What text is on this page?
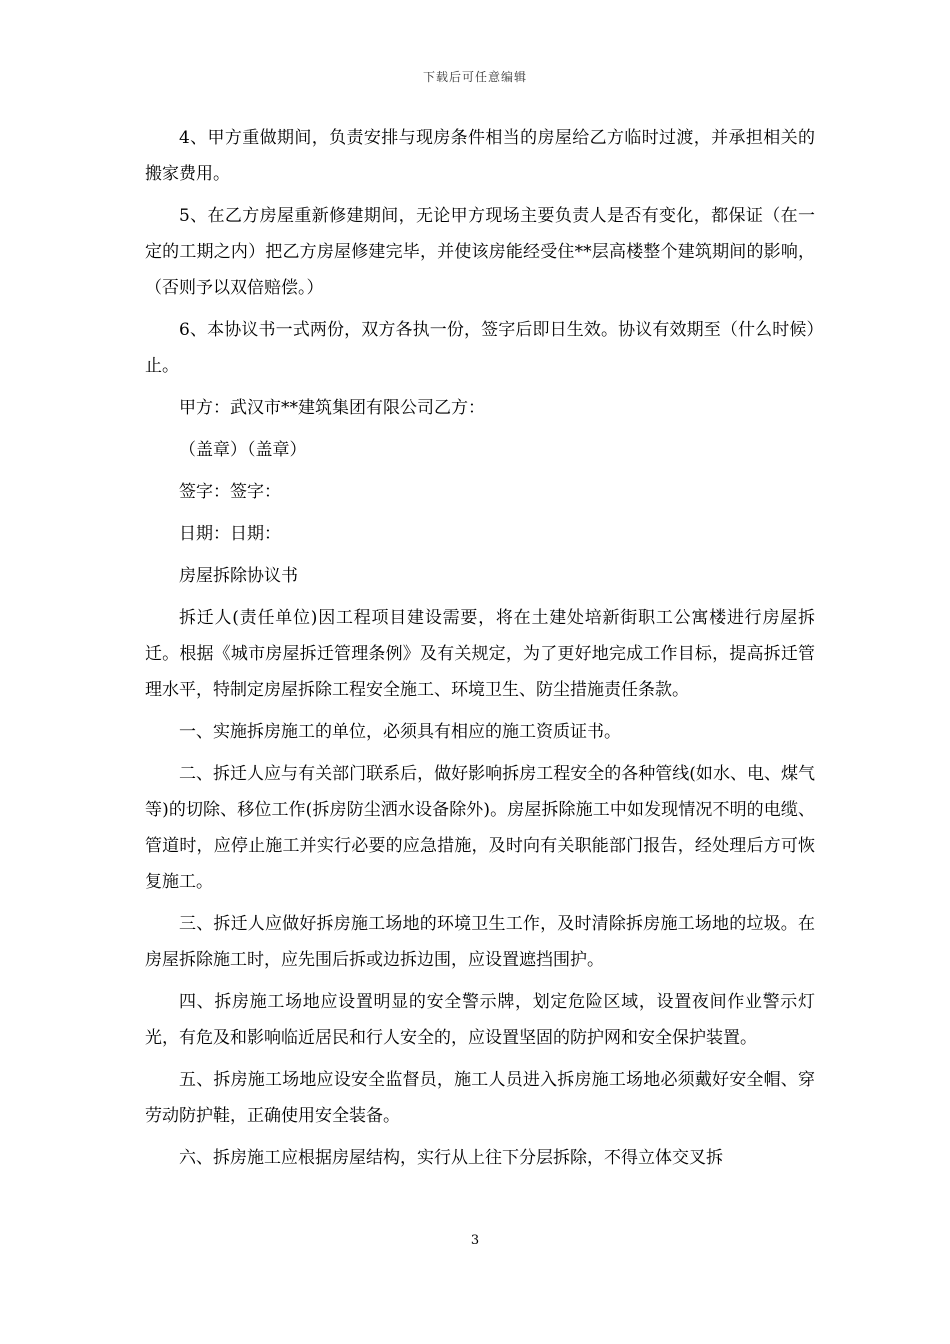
下载后可任意编辑

4、甲方重做期间，负责安排与现房条件相当的房屋给乙方临时过渡，并承担相关的搬家费用。

5、在乙方房屋重新修建期间，无论甲方现场主要负责人是否有变化，都保证（在一定的工期之内）把乙方房屋修建完毕，并使该房能经受住**层高楼整个建筑期间的影响，（否则予以双倍赔偿。）

6、本协议书一式两份，双方各执一份，签字后即日生效。协议有效期至（什么时候）止。

甲方：武汉市**建筑集团有限公司乙方：

（盖章）（盖章）

签字：签字：

日期：日期：

房屋拆除协议书

拆迁人(责任单位)因工程项目建设需要，将在土建处培新街职工公寓楼进行房屋拆迁。根据《城市房屋拆迁管理条例》及有关规定，为了更好地完成工作目标，提高拆迁管理水平，特制定房屋拆除工程安全施工、环境卫生、防尘措施责任条款。

一、实施拆房施工的单位，必须具有相应的施工资质证书。

二、拆迁人应与有关部门联系后，做好影响拆房工程安全的各种管线(如水、电、煤气等)的切除、移位工作(拆房防尘洒水设备除外)。房屋拆除施工中如发现情况不明的电缆、管道时，应停止施工并实行必要的应急措施，及时向有关职能部门报告，经处理后方可恢复施工。

三、拆迁人应做好拆房施工场地的环境卫生工作，及时清除拆房施工场地的垃圾。在房屋拆除施工时，应先围后拆或边拆边围，应设置遮挡围护。

四、拆房施工场地应设置明显的安全警示牌，划定危险区域，设置夜间作业警示灯光，有危及和影响临近居民和行人安全的，应设置坚固的防护网和安全保护装置。

五、拆房施工场地应设安全监督员，施工人员进入拆房施工场地必须戴好安全帽、穿劳动防护鞋，正确使用安全装备。

六、拆房施工应根据房屋结构，实行从上往下分层拆除，不得立体交叉拆

3
